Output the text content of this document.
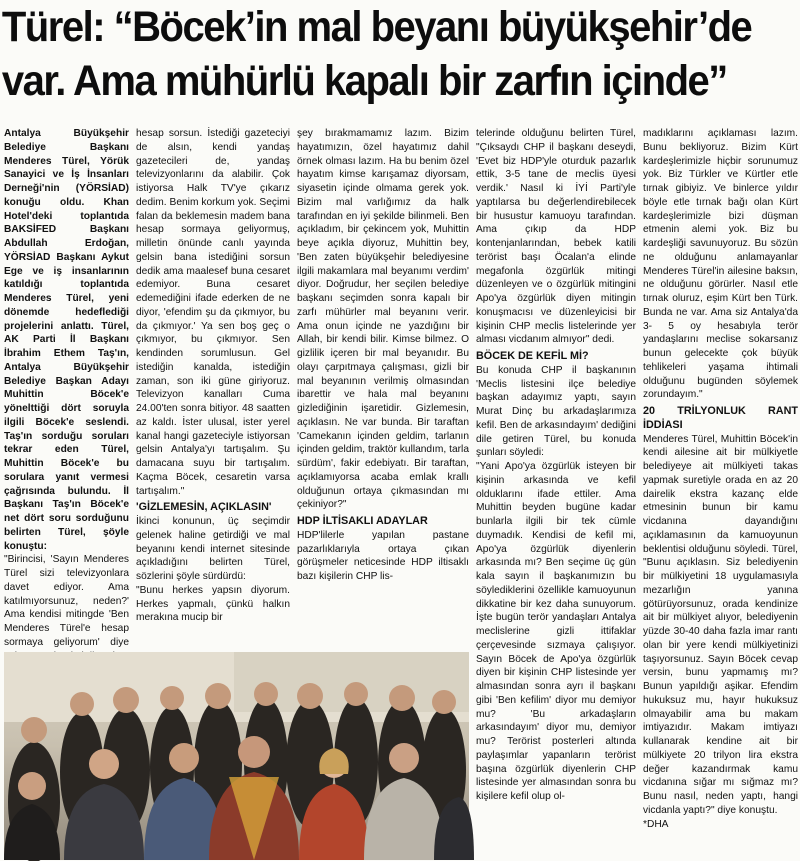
Türel: “Böcek’in mal beyanı büyükşehir’de
var. Ama mühürlü kapalı bir zarfın içinde”

Antalya Büyükşehir Belediye Başkanı Menderes Türel, Yörük Sanayici ve İş İnsanları Derneği'nin (YÖRSİAD) konuğu oldu. Khan Hotel'deki toplantıda BAKSİFED Başkanı Abdullah Erdoğan, YÖRSİAD Başkanı Aykut Ege ve iş insanlarının katıldığı toplantıda Menderes Türel, yeni dönemde hedeflediği projelerini anlattı. Türel, AK Parti İl Başkanı İbrahim Ethem Taş'ın, Antalya Büyükşehir Belediye Başkan Adayı Muhittin Böcek'e yönelttiği dört soruyla ilgili Böcek'e seslendi. Taş'ın sorduğu soruları tekrar eden Türel, Muhittin Böcek'e bu sorulara yanıt vermesi çağrısında bulundu. İl Başkanı Taş'ın Böcek'e net dört soru sorduğunu belirten Türel, şöyle konuştu:

"Birincisi, 'Sayın Menderes Türel sizi televizyonlara davet ediyor. Ama katılmıyorsunuz, neden?' Ama kendisi mitingde 'Ben Menderes Türel'e hesap sormaya geliyorum' diye

hesap sorsun. İstediği gazeteciyi de alsın, kendi yandaş gazetecileri de, yandaş televizyonlarını da alabilir. Çok istiyorsa Halk TV'ye çıkarız dedim. Benim korkum yok. Seçimi falan da beklemesin madem bana hesap sormaya geliyormuş, milletin önünde canlı yayında gelsin bana istediğini sorsun dedik ama maalesef buna cesaret edemiyor. Buna cesaret edemediğini ifade ederken de ne diyor, 'efendim şu da çıkmıyor, bu da çıkmıyor.' Ya sen boş geç o çıkmıyor, bu çıkmıyor. Sen kendinden sorumlusun. Gel istediğin kanalda, istediğin zaman, son iki güne giriyoruz. Televizyon kanalları Cuma 24.00'ten sonra bitiyor. 48 saatten az kaldı. İster ulusal, ister yerel kanal hangi gazeteciyle istiyorsan gelsin Antalya'yı tartışalım. Şu damacana suyu bir tartışalım. Kaçma Böcek, cesaretin varsa tartışalım."

'GİZLEMESİN, AÇIKLASIN'

İkinci konunun, üç seçimdir gelenek haline getirdiği ve mal beyanını kendi internet sitesinde açıkladığını belirten Türel, sözlerini şöyle sürdürdü:

"Bunu herkes yapsın diyorum. Herkes yapmalı, çünkü halkın merakına mucip bir

şey bırakmamamız lazım. Bizim hayatımızın, özel hayatımız dahil örnek olması lazım. Ha bu benim özel hayatım kimse karışamaz diyorsam, siyasetin içinde olmama gerek yok. Bizim mal varlığımız da halk tarafından en iyi şekilde bilinmeli. Ben açıkladım, bir çekincem yok, Muhittin beye açıkla diyoruz, Muhittin bey, 'Ben zaten büyükşehir belediyesine ilgili makamlara mal beyanımı verdim' diyor. Doğrudur, her seçilen belediye başkanı seçimden sonra kapalı bir zarfı mühürler mal beyanını verir. Ama onun içinde ne yazdığını bir Allah, bir kendi bilir. Kimse bilmez. O gizlilik içeren bir mal beyanıdır. Bu olayı çarpıtmaya çalışması, gizli bir mal beyanının verilmiş olmasından ibarettir ve hala mal beyanını gizlediğinin işaretidir. Gizlemesin, açıklasın. Ne var bunda. Bir taraftan 'Camekanın içinden geldim, tarlanın içinden geldim, traktör kullandım, tarla sürdüm', fakir edebiyatı. Bir taraftan, açıklamıyorsa acaba emlak krallı olduğunun ortaya çıkmasından mı çekiniyor?"

HDP İLTİSAKLI ADAYLAR

HDP'lilerle yapılan pastane pazarlıklarıyla ortaya çıkan görüşmeler neticesinde HDP iltisaklı bazı kişilerin CHP lis-

telerinde olduğunu belirten Türel, "Çıksaydı CHP il başkanı deseydi, 'Evet biz HDP'yle oturduk pazarlık ettik, 3-5 tane de meclis üyesi verdik.' Nasıl ki İYİ Parti'yle yaptılarsa bu değerlendirebilecek bir husustur kamuoyu tarafından. Ama çıkıp da HDP kontenjanlarından, bebek katili terörist başı Öcalan'a elinde megafonla özgürlük mitingi düzenleyen ve o özgürlük mitingini Apo'ya özgürlük diyen mitingin konuşmacısı ve düzenleyicisi bir kişinin CHP meclis listelerinde yer alması vicdanım almıyor" dedi.

BÖCEK DE KEFİL Mİ?

Bu konuda CHP il başkanının 'Meclis listesini ilçe belediye başkan adayımız yaptı, sayın Murat Dinç bu arkadaşlarımıza kefil. Ben de arkasındayım' dediğini dile getiren Türel, bu konuda şunları söyledi:

"Yani Apo'ya özgürlük isteyen bir kişinin arkasında ve kefil olduklarını ifade ettiler. Ama Muhittin beyden bugüne kadar bunlarla ilgili bir tek cümle duymadık. Kendisi de kefil mi, Apo'ya özgürlük diyenlerin arkasında mı? Ben seçime üç gün kala sayın il başkanımızın bu söylediklerini özellikle kamuoyunun dikkatine bir kez daha sunuyorum. İşte bugün terör yandaşları Antalya meclislerine gizli ittifaklar çerçevesinde sızmaya çalışıyor. Sayın Böcek de Apo'ya özgürlük diyen bir kişinin CHP listesinde yer almasından sonra ayrı il başkanı gibi 'Ben kefilim' diyor mu demiyor mu? 'Bu arkadaşların arkasındayım' diyor mu, demiyor mu? Terörist posterleri altında paylaşımlar yapanların terörist başına özgürlük diyenlerin CHP listesinde yer almasından sonra bu kişilere kefil olup ol-

madıklarını açıklaması lazım. Bunu bekliyoruz. Bizim Kürt kardeşlerimizle hiçbir sorunumuz yok. Biz Türkler ve Kürtler etle tırnak gibiyiz. Ve binlerce yıldır böyle etle tırnak bağı olan Kürt kardeşlerimizle bizi düşman etmenin alemi yok. Biz bu kardeşliği savunuyoruz. Bu sözün ne olduğunu anlamayanlar Menderes Türel'in ailesine baksın, ne olduğunu görürler. Nasıl etle tırnak oluruz, eşim Kürt ben Türk. Bunda ne var. Ama siz Antalya'da 3- 5 oy hesabıyla terör yandaşlarını meclise sokarsanız bunun gelecekte çok büyük tehlikeleri yaşama ihtimali olduğunu bugünden söylemek zorundayım."

20 TRİLYONLUK RANT İDDİASI

Menderes Türel, Muhittin Böcek'in kendi ailesine ait bir mülkiyetle belediyeye ait mülkiyeti takas yapmak suretiyle orada en az 20 dairelik ekstra kazanç elde etmesinin bunun bir kamu vicdanına dayandığını açıklamasının da kamuoyunun beklentisi olduğunu söyledi. Türel, "Bunu açıklasın. Siz belediyenin bir mülkiyetini 18 uygulamasıyla mezarlığın yanına götürüyorsunuz, orada kendinize ait bir mülkiyet alıyor, belediyenin yüzde 30-40 daha fazla imar rantı olan bir yere kendi mülkiyetinizi taşıyorsunuz. Sayın Böcek cevap versin, bunu yapmamış mı? Bunun yapıldığı aşikar. Efendim hukuksuz mu, hayır hukuksuz olmayabilir ama bu makam imtiyazıdır. Makam imtiyazı kullanarak kendine ait bir mülkiyete 20 trilyon lira ekstra değer kazandırmak kamu vicdanına sığar mı sığmaz mı? Bunu nasıl, neden yaptı, hangi vicdanla yaptı?" diye konuştu.

*DHA
